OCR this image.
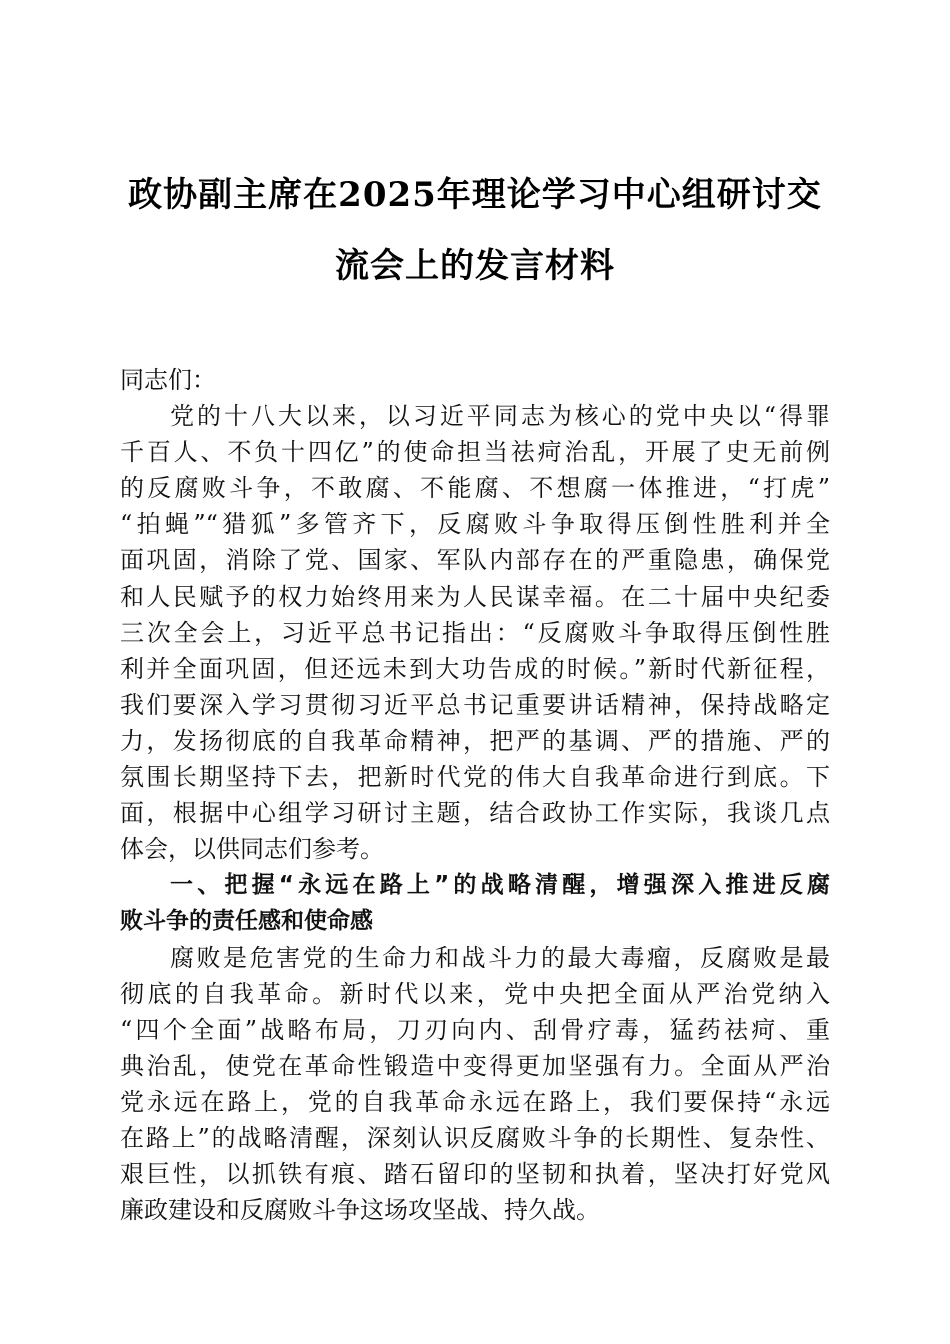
政协副主席在2025年理论学习中心组研讨交
流会上的发言材料
同志们：
党的十八大以来，以习近平同志为核心的党中央以“得罪
千百人、不负十四亿”的使命担当祛疴治乱，开展了史无前例
的反腐败斗争，不敢腐、不能腐、不想腐一体推进，“打虎”
“拍蝇”“猎狐”多管齐下，反腐败斗争取得压倒性胜利并全
面巩固，消除了党、国家、军队内部存在的严重隐患，确保党
和人民赋予的权力始终用来为人民谋幸福。在二十届中央纪委
三次全会上，习近平总书记指出：“反腐败斗争取得压倒性胜
利并全面巩固，但还远未到大功告成的时候。”新时代新征程，
我们要深入学习贯彻习近平总书记重要讲话精神，保持战略定
力，发扬彻底的自我革命精神，把严的基调、严的措施、严的
氛围长期坚持下去，把新时代党的伟大自我革命进行到底。下
面，根据中心组学习研讨主题，结合政协工作实际，我谈几点
体会，以供同志们参考。
一、把握“永远在路上”的战略清醒，增强深入推进反腐
败斗争的责任感和使命感
腐败是危害党的生命力和战斗力的最大毒瘤，反腐败是最
彻底的自我革命。新时代以来，党中央把全面从严治党纳入
“四个全面”战略布局，刀刃向内、刮骨疗毒，猛药祛疴、重
典治乱，使党在革命性锻造中变得更加坚强有力。全面从严治
党永远在路上，党的自我革命永远在路上，我们要保持“永远
在路上”的战略清醒，深刻认识反腐败斗争的长期性、复杂性、
艰巨性，以抓铁有痕、踏石留印的坚韧和执着，坚决打好党风
廉政建设和反腐败斗争这场攻坚战、持久战。
